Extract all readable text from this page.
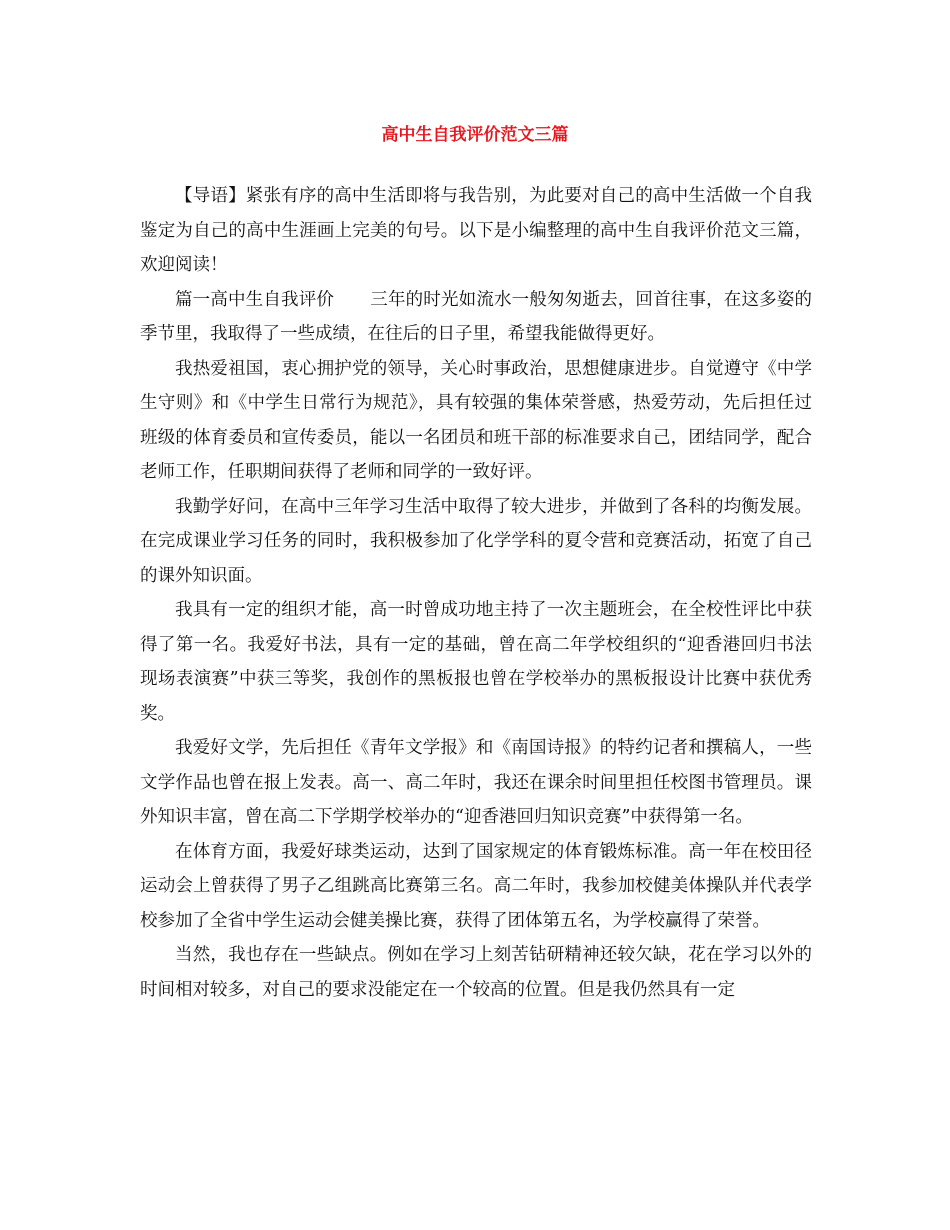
高中生自我评价范文三篇

【导语】紧张有序的高中生活即将与我告别，为此要对自己的高中生活做一个自我鉴定为自己的高中生涯画上完美的句号。以下是小编整理的高中生自我评价范文三篇，欢迎阅读！

篇一高中生自我评价 三年的时光如流水一般匆匆逝去，回首往事，在这多姿的季节里，我取得了一些成绩，在往后的日子里，希望我能做得更好。

我热爱祖国，衷心拥护党的领导，关心时事政治，思想健康进步。自觉遵守《中学生守则》和《中学生日常行为规范》，具有较强的集体荣誉感，热爱劳动，先后担任过班级的体育委员和宣传委员，能以一名团员和班干部的标准要求自己，团结同学，配合老师工作，任职期间获得了老师和同学的一致好评。

我勤学好问，在高中三年学习生活中取得了较大进步，并做到了各科的均衡发展。在完成课业学习任务的同时，我积极参加了化学学科的夏令营和竞赛活动，拓宽了自己的课外知识面。

我具有一定的组织才能，高一时曾成功地主持了一次主题班会，在全校性评比中获得了第一名。我爱好书法，具有一定的基础，曾在高二年学校组织的“迎香港回归书法现场表演赛”中获三等奖，我创作的黑板报也曾在学校举办的黑板报设计比赛中获优秀奖。

我爱好文学，先后担任《青年文学报》和《南国诗报》的特约记者和撰稿人，一些文学作品也曾在报上发表。高一、高二年时，我还在课余时间里担任校图书管理员。课外知识丰富，曾在高二下学期学校举办的“迎香港回归知识竞赛”中获得第一名。

在体育方面，我爱好球类运动，达到了国家规定的体育锻炼标准。高一年在校田径运动会上曾获得了男子乙组跳高比赛第三名。高二年时，我参加校健美体操队并代表学校参加了全省中学生运动会健美操比赛，获得了团体第五名，为学校赢得了荣誉。

当然，我也存在一些缺点。例如在学习上刻苦钻研精神还较欠缺，花在学习以外的时间相对较多，对自己的要求没能定在一个较高的位置。但是我仍然具有一定
